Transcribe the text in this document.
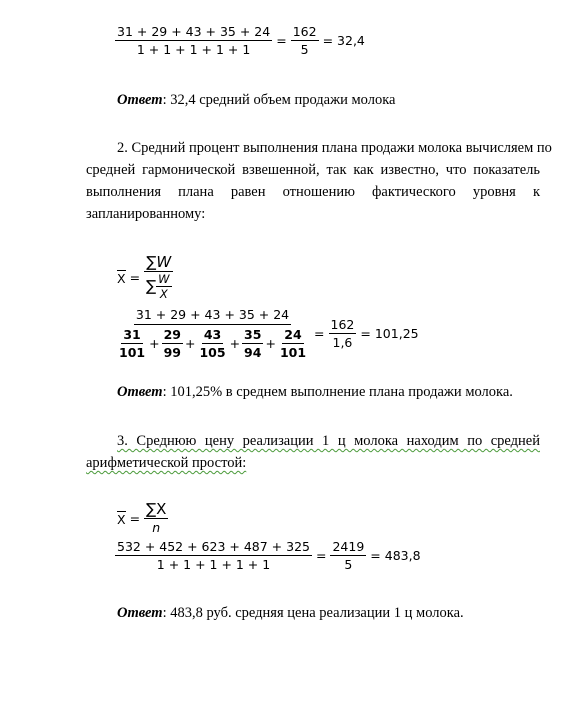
$\frac{31 + 29 + 43 + 35 + 24}{1 + 1 + 1 + 1 + 1} = \frac{162}{5} = 32,4$
Ответ: 32,4 средний объем продажи молока
2. Средний процент выполнения плана продажи молока вычисляем по
средней гармонической взвешенной, так как известно, что показатель
выполнения плана равен отношению фактического уровня к
запланированному:
$X = \frac{\sum W}{\sum \frac{W}{X}}$
31 + 29 + 43 + 35 + 24
$\frac{31}{101} + \frac{29}{99} + \frac{43}{105} + \frac{35}{94} + \frac{24}{101} = \frac{162}{1,6} = 101,25$
Ответ: 101,25% в среднем выполнение плана продажи молока.
3. Среднюю цену реализации 1 ц молока находим по средней
арифметической простой:
$X = \frac{\sum X}{n}$
$\frac{532 + 452 + 623 + 487 + 325}{1 + 1 + 1 + 1 + 1} = \frac{2419}{5} = 483,8$
Ответ: 483,8 руб. средняя цена реализации 1 ц молока.
